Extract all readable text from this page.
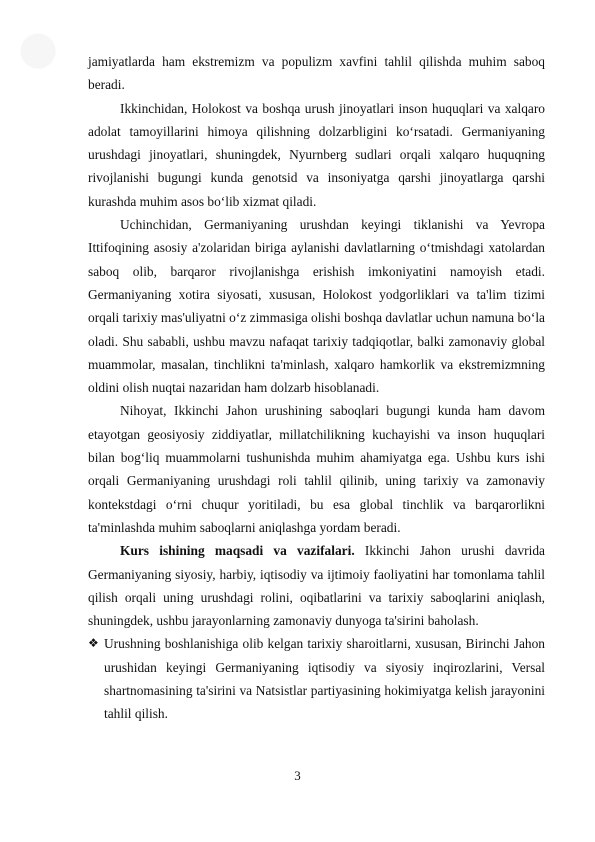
jamiyatlarda ham ekstremizm va populizm xavfini tahlil qilishda muhim saboq beradi.

Ikkinchidan, Holokost va boshqa urush jinoyatlari inson huquqlari va xalqaro adolat tamoyillarini himoya qilishning dolzarbligini ko‘rsatadi. Germaniyaning urushdagi jinoyatlari, shuningdek, Nyurnberg sudlari orqali xalqaro huquqning rivojlanishi bugungi kunda genotsid va insoniyatga qarshi jinoyatlarga qarshi kurashda muhim asos bo‘lib xizmat qiladi.

Uchinchidan, Germaniyaning urushdan keyingi tiklanishi va Yevropa Ittifoqining asosiy a'zolaridan biriga aylanishi davlatlarning o‘tmishdagi xatolardan saboq olib, barqaror rivojlanishga erishish imkoniyatini namoyish etadi. Germaniyaning xotira siyosati, xususan, Holokost yodgorliklari va ta'lim tizimi orqali tarixiy mas'uliyatni o‘z zimmasiga olishi boshqa davlatlar uchun namuna bo‘la oladi. Shu sababli, ushbu mavzu nafaqat tarixiy tadqiqotlar, balki zamonaviy global muammolar, masalan, tinchlikni ta'minlash, xalqaro hamkorlik va ekstremizmning oldini olish nuqtai nazaridan ham dolzarb hisoblanadi.

Nihoyat, Ikkinchi Jahon urushining saboqlari bugungi kunda ham davom etayotgan geosiyosiy ziddiyatlar, millatchilikning kuchayishi va inson huquqlari bilan bog‘liq muammolarni tushunishda muhim ahamiyatga ega. Ushbu kurs ishi orqali Germaniyaning urushdagi roli tahlil qilinib, uning tarixiy va zamonaviy kontekstdagi o‘rni chuqur yoritiladi, bu esa global tinchlik va barqarorlikni ta'minlashda muhim saboqlarni aniqlashga yordam beradi.

Kurs ishining maqsadi va vazifalari. Ikkinchi Jahon urushi davrida Germaniyaning siyosiy, harbiy, iqtisodiy va ijtimoiy faoliyatini har tomonlama tahlil qilish orqali uning urushdagi rolini, oqibatlarini va tarixiy saboqlarini aniqlash, shuningdek, ushbu jarayonlarning zamonaviy dunyoga ta'sirini baholash.

❖ Urushning boshlanishiga olib kelgan tarixiy sharoitlarni, xususan, Birinchi Jahon urushidan keyingi Germaniyaning iqtisodiy va siyosiy inqirozlarini, Versal shartnomasining ta'sirini va Natsistlar partiyasining hokimiyatga kelish jarayonini tahlil qilish.

3
